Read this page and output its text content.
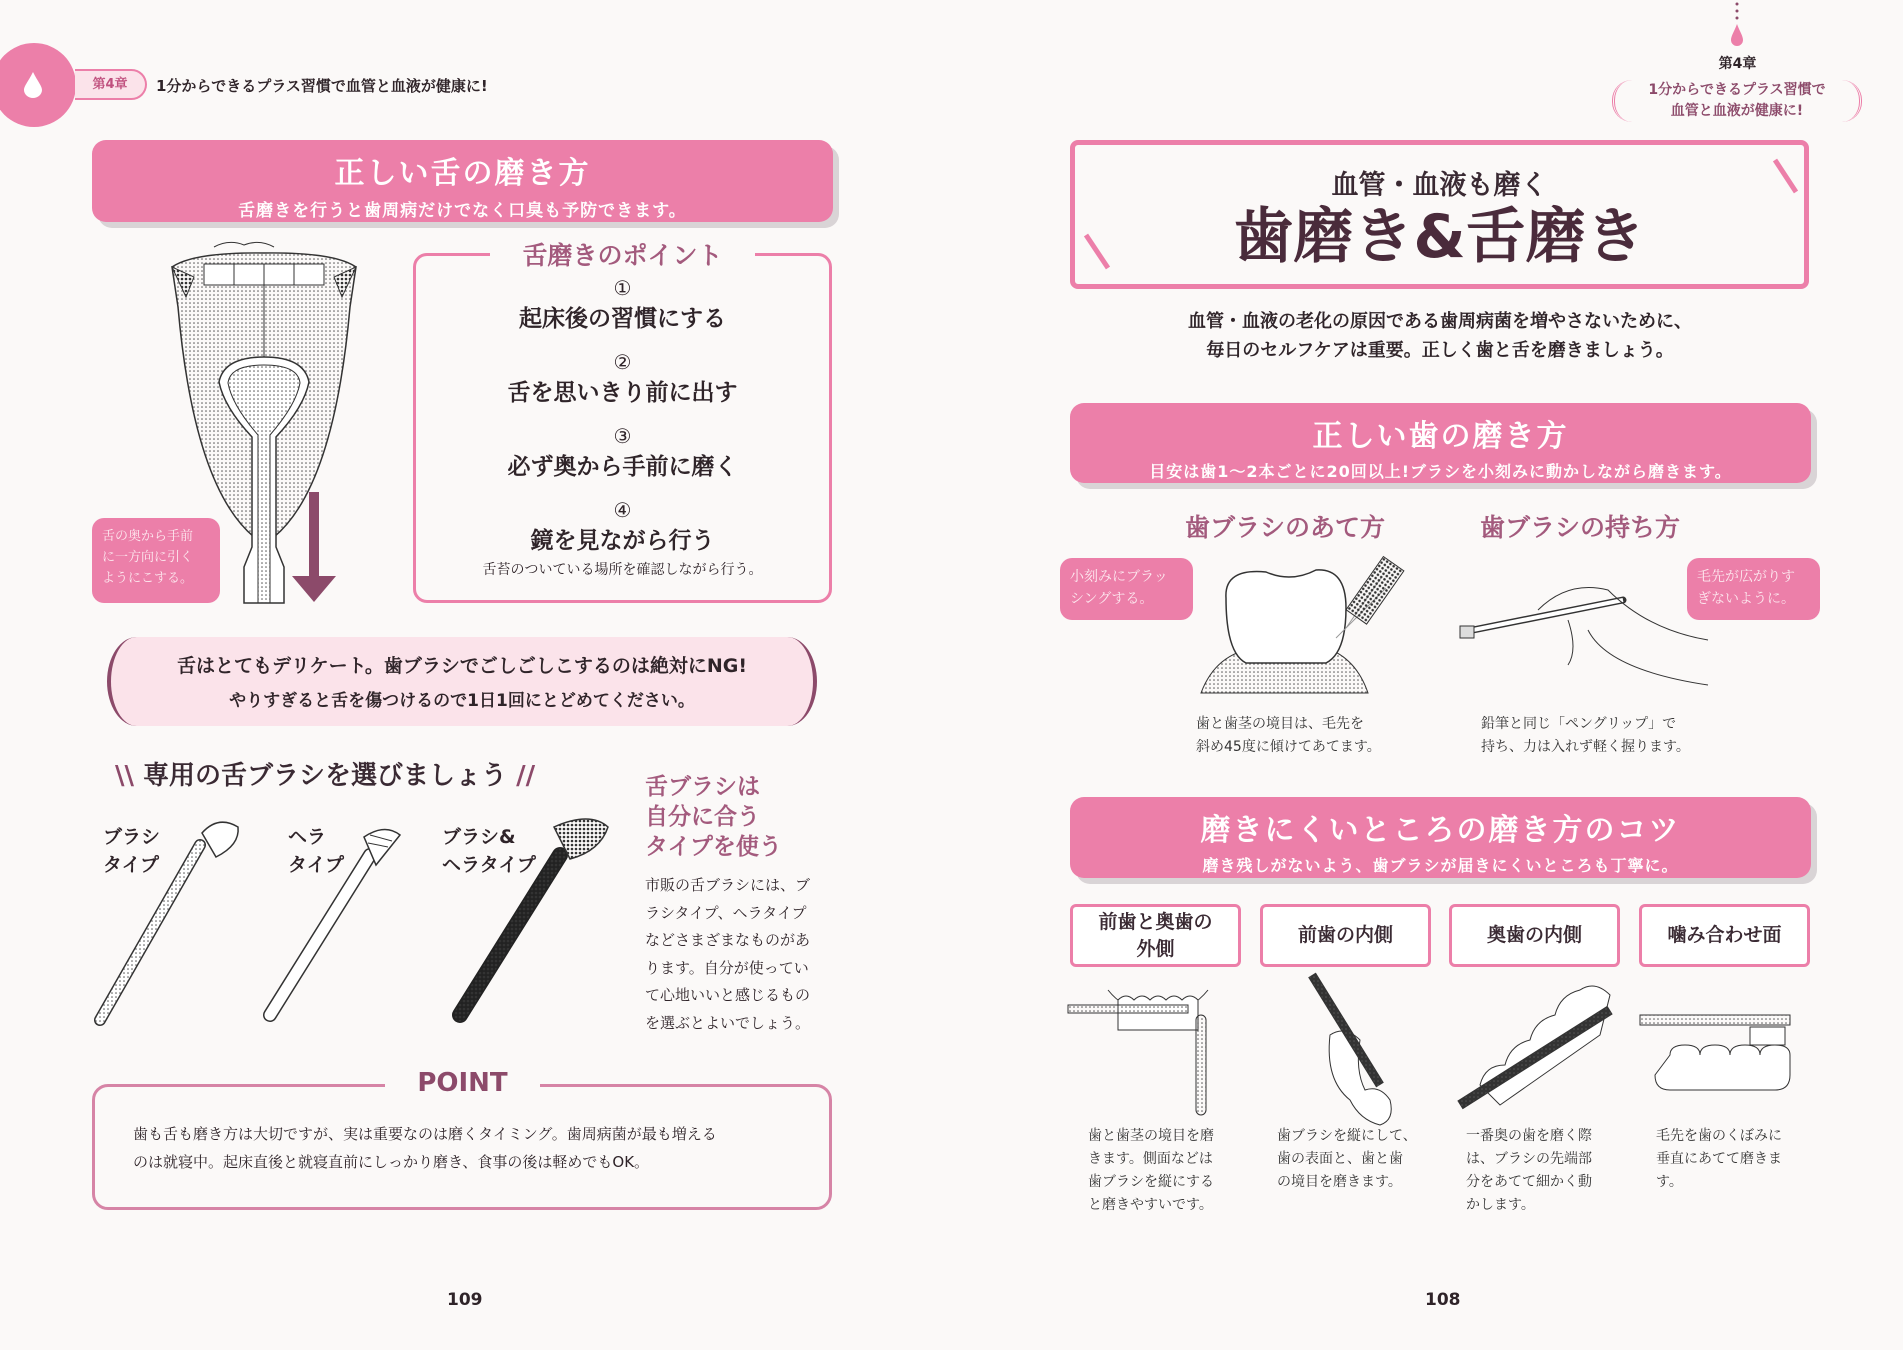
第4章	1分からできるプラス習慣で血管と血液が健康に!
正しい舌の磨き方
舌磨きを行うと歯周病だけでなく口臭も予防できます。
舌の奥から手前
に一方向に引く
ようにこする。
舌磨きのポイント
①
起床後の習慣にする
②
舌を思いきり前に出す
③
必ず奥から手前に磨く
④
鏡を見ながら行う
舌苔のついている場所を確認しながら行う。
舌はとてもデリケート。歯ブラシでごしごしこするのは絶対にNG!
やりすぎると舌を傷つけるので1日1回にとどめてください。
\\ 専用の舌ブラシを選びましょう //
ブラシ
タイプ
ヘラ
タイプ
ブラシ&
ヘラタイプ
舌ブラシは
自分に合う
タイプを使う
市販の舌ブラシには、ブ
ラシタイプ、ヘラタイプ
などさまざまなものがあ
ります。自分が使ってい
て心地いいと感じるもの
を選ぶとよいでしょう。
POINT
歯も舌も磨き方は大切ですが、実は重要なのは磨くタイミング。歯周病菌が最も増える
のは就寝中。起床直後と就寝直前にしっかり磨き、食事の後は軽めでもOK。
109
第4章
1分からできるプラス習慣で
血管と血液が健康に!
血管・血液も磨く
歯磨き&舌磨き
血管・血液の老化の原因である歯周病菌を増やさないために、
毎日のセルフケアは重要。正しく歯と舌を磨きましょう。
正しい歯の磨き方
目安は歯1〜2本ごとに20回以上!ブラシを小刻みに動かしながら磨きます。
歯ブラシのあて方	歯ブラシの持ち方
小刻みにブラッ
シングする。
毛先が広がりす
ぎないように。
歯と歯茎の境目は、毛先を
斜め45度に傾けてあてます。
鉛筆と同じ「ペングリップ」で
持ち、力は入れず軽く握ります。
磨きにくいところの磨き方のコツ
磨き残しがないよう、歯ブラシが届きにくいところも丁寧に。
前歯と奥歯の
外側
前歯の内側	奥歯の内側	噛み合わせ面
歯と歯茎の境目を磨
きます。側面などは
歯ブラシを縦にする
と磨きやすいです。
歯ブラシを縦にして、
歯の表面と、歯と歯
の境目を磨きます。
一番奥の歯を磨く際
は、ブラシの先端部
分をあてて細かく動
かします。
毛先を歯のくぼみに
垂直にあてて磨きま
す。
108
